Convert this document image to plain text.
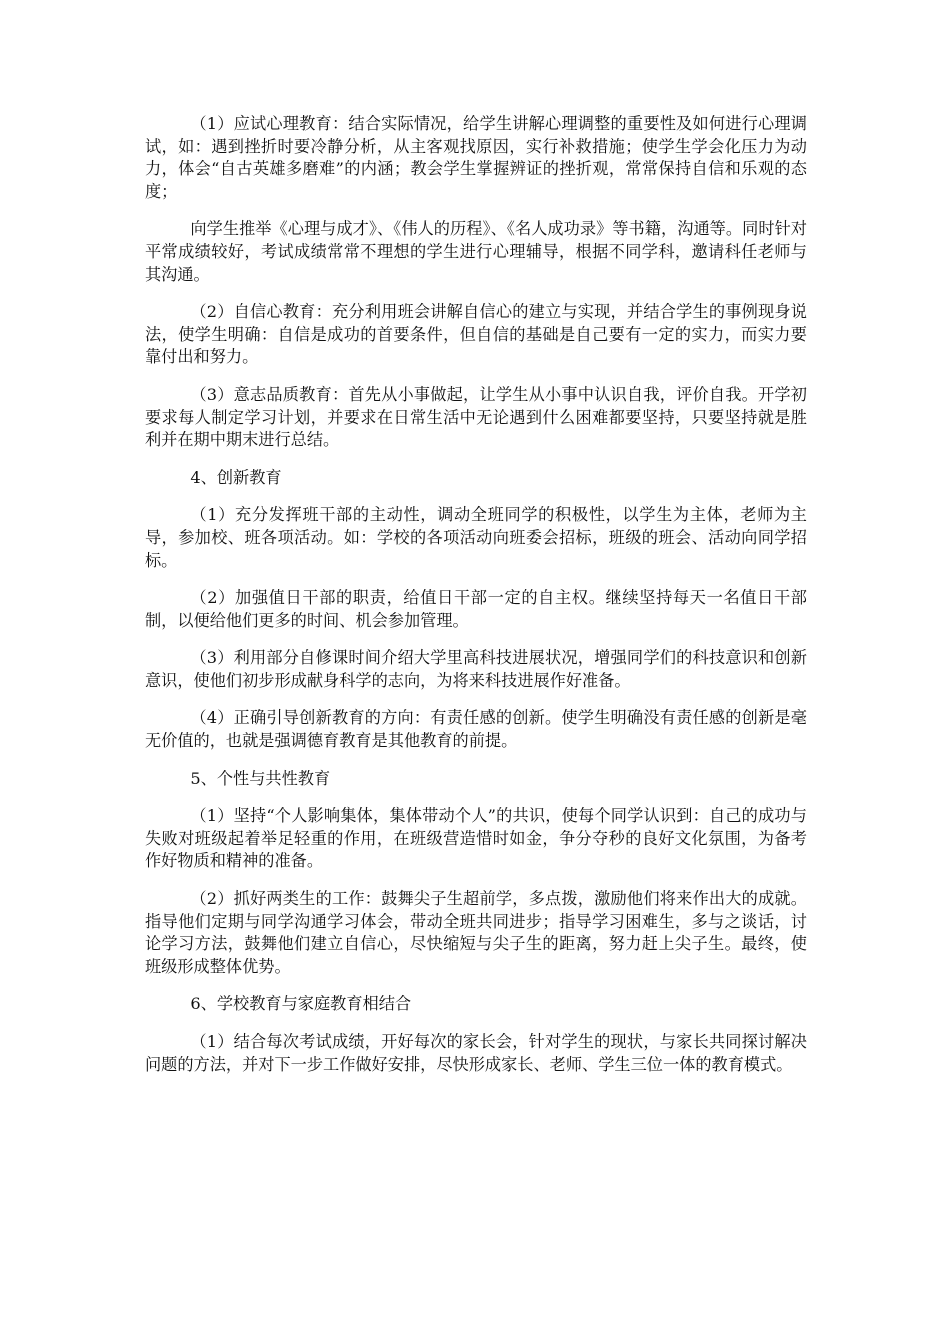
（1）应试心理教育：结合实际情况，给学生讲解心理调整的重要性及如何进行心理调试，如：遇到挫折时要冷静分析，从主客观找原因，实行补救措施；使学生学会化压力为动力，体会“自古英雄多磨难”的内涵；教会学生掌握辨证的挫折观，常常保持自信和乐观的态度；

向学生推举《心理与成才》、《伟人的历程》、《名人成功录》等书籍，沟通等。同时针对平常成绩较好，考试成绩常常不理想的学生进行心理辅导，根据不同学科，邀请科任老师与其沟通。

（2）自信心教育：充分利用班会讲解自信心的建立与实现，并结合学生的事例现身说法，使学生明确：自信是成功的首要条件，但自信的基础是自己要有一定的实力，而实力要靠付出和努力。

（3）意志品质教育：首先从小事做起，让学生从小事中认识自我，评价自我。开学初要求每人制定学习计划，并要求在日常生活中无论遇到什么困难都要坚持，只要坚持就是胜利并在期中期末进行总结。

4、创新教育

（1）充分发挥班干部的主动性，调动全班同学的积极性，以学生为主体，老师为主导，参加校、班各项活动。如：学校的各项活动向班委会招标，班级的班会、活动向同学招标。

（2）加强值日干部的职责，给值日干部一定的自主权。继续坚持每天一名值日干部制，以便给他们更多的时间、机会参加管理。

（3）利用部分自修课时间介绍大学里高科技进展状况，增强同学们的科技意识和创新意识，使他们初步形成献身科学的志向，为将来科技进展作好准备。

（4）正确引导创新教育的方向：有责任感的创新。使学生明确没有责任感的创新是毫无价值的，也就是强调德育教育是其他教育的前提。

5、个性与共性教育

（1）坚持“个人影响集体，集体带动个人”的共识，使每个同学认识到：自己的成功与失败对班级起着举足轻重的作用，在班级营造惜时如金，争分夺秒的良好文化氛围，为备考作好物质和精神的准备。

（2）抓好两类生的工作：鼓舞尖子生超前学，多点拨，激励他们将来作出大的成就。指导他们定期与同学沟通学习体会，带动全班共同进步；指导学习困难生，多与之谈话，讨论学习方法，鼓舞他们建立自信心，尽快缩短与尖子生的距离，努力赶上尖子生。最终，使班级形成整体优势。

6、学校教育与家庭教育相结合

（1）结合每次考试成绩，开好每次的家长会，针对学生的现状，与家长共同探讨解决问题的方法，并对下一步工作做好安排，尽快形成家长、老师、学生三位一体的教育模式。
